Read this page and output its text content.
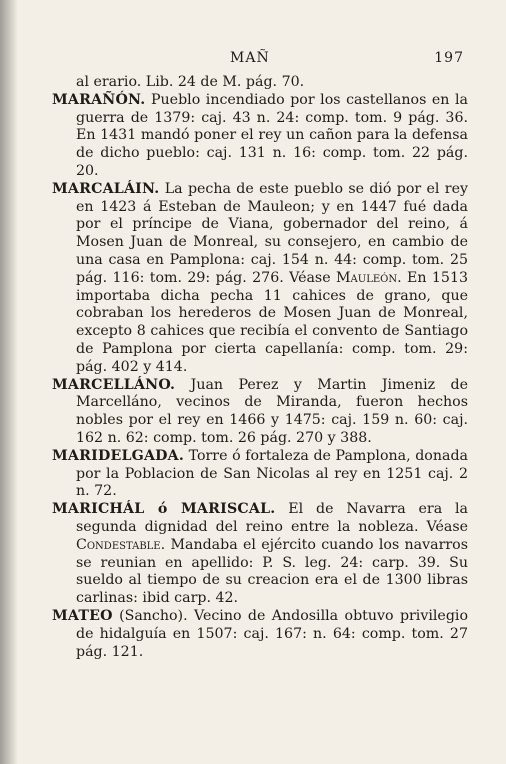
MAÑ	197

al erario. Lib. 24 de M. pág. 70.

MARAÑÓN. Pueblo incendiado por los castellanos en la guerra de 1379: caj. 43 n. 24: comp. tom. 9 pág. 36. En 1431 mandó poner el rey un cañon para la defensa de dicho pueblo: caj. 131 n. 16: comp. tom. 22 pág. 20.

MARCALÁIN. La pecha de este pueblo se dió por el rey en 1423 á Esteban de Mauleon; y en 1447 fué dada por el príncipe de Viana, gobernador del reino, á Mosen Juan de Monreal, su consejero, en cambio de una casa en Pamplona: caj. 154 n. 44: comp. tom. 25 pág. 116: tom. 29: pág. 276. Véase Mauleón. En 1513 importaba dicha pecha 11 cahices de grano, que cobraban los herederos de Mosen Juan de Monreal, excepto 8 cahices que recibía el convento de Santiago de Pamplona por cierta capellanía: comp. tom. 29: pág. 402 y 414.

MARCELLÁNO. Juan Perez y Martin Jimeniz de Marcelláno, vecinos de Miranda, fueron hechos nobles por el rey en 1466 y 1475: caj. 159 n. 60: caj. 162 n. 62: comp. tom. 26 pág. 270 y 388.

MARIDELGADA. Torre ó fortaleza de Pamplona, donada por la Poblacion de San Nicolas al rey en 1251 caj. 2 n. 72.

MARICHÁL ó MARISCAL. El de Navarra era la segunda dignidad del reino entre la nobleza. Véase Condestable. Mandaba el ejército cuando los navarros se reunian en apellido: P. S. leg. 24: carp. 39. Su sueldo al tiempo de su creacion era el de 1300 libras carlinas: ibid carp. 42.

MATEO (Sancho). Vecino de Andosilla obtuvo privilegio de hidalguía en 1507: caj. 167: n. 64: comp. tom. 27 pág. 121.
